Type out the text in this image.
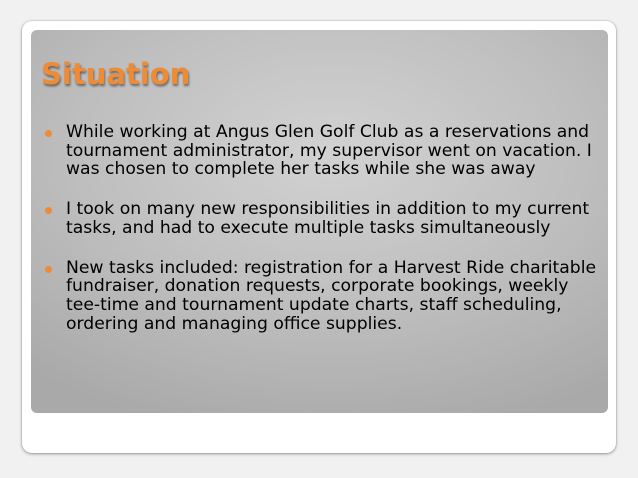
Situation
While working at Angus Glen Golf Club as a reservations and tournament administrator, my supervisor went on vacation. I was chosen to complete her tasks while she was away
I took on many new responsibilities in addition to my current tasks, and had to execute multiple tasks simultaneously
New tasks included: registration for a Harvest Ride charitable fundraiser, donation requests, corporate bookings, weekly tee-time and tournament update charts, staff scheduling, ordering and managing office supplies.
